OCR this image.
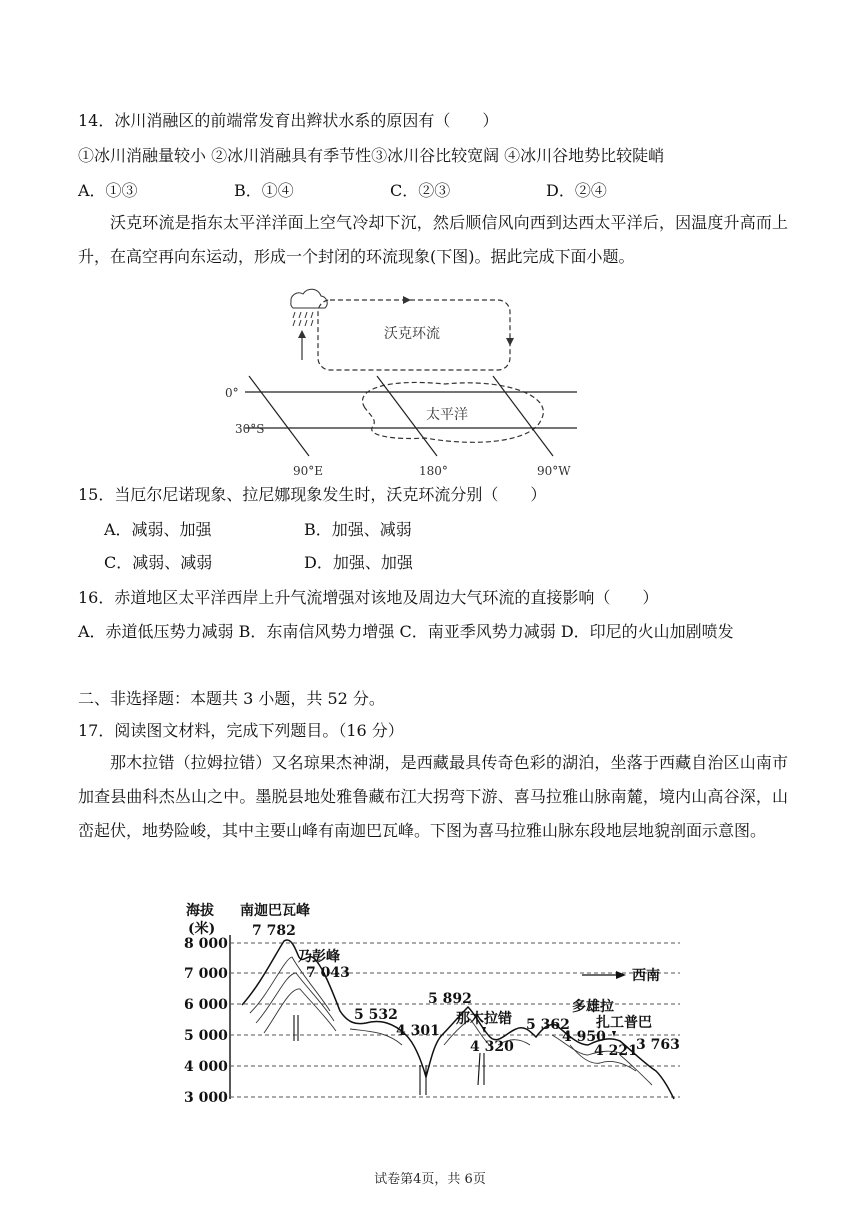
14．冰川消融区的前端常发育出辫状水系的原因有（　　）
①冰川消融量较小 ②冰川消融具有季节性③冰川谷比较宽阔 ④冰川谷地势比较陡峭
A．①③	B．①④	C．②③	D．②④
沃克环流是指东太平洋洋面上空气冷却下沉，然后顺信风向西到达西太平洋后，因温度升高而上升，在高空再向东运动，形成一个封闭的环流现象(下图)。据此完成下面小题。
沃克环流
0°
30°S
太平洋
90°E	180°	90°W
15．当厄尔尼诺现象、拉尼娜现象发生时，沃克环流分别（　　）
A．减弱、加强	B．加强、减弱
C．减弱、减弱	D．加强、加强
16．赤道地区太平洋西岸上升气流增强对该地及周边大气环流的直接影响（　　）
A．赤道低压势力减弱 B．东南信风势力增强 C．南亚季风势力减弱 D．印尼的火山加剧喷发
二、非选择题：本题共 3 小题，共 52 分。
17．阅读图文材料，完成下列题目。（16 分）
那木拉错（拉姆拉错）又名琼果杰神湖，是西藏最具传奇色彩的湖泊，坐落于西藏自治区山南市加查县曲科杰丛山之中。墨脱县地处雅鲁藏布江大拐弯下游、喜马拉雅山脉南麓，境内山高谷深，山峦起伏，地势险峻，其中主要山峰有南迦巴瓦峰。下图为喜马拉雅山脉东段地层地貌剖面示意图。
海拔
(米)
8 000
7 000
6 000
5 000
4 000
3 000
西南
南迦巴瓦峰
7 782
乃彭峰
7 043
5 532
4 301
5 892
那木拉错
4 320
5 362
4 950
多雄拉
扎工普巴
4 221
3 763
试卷第4页，共 6页
